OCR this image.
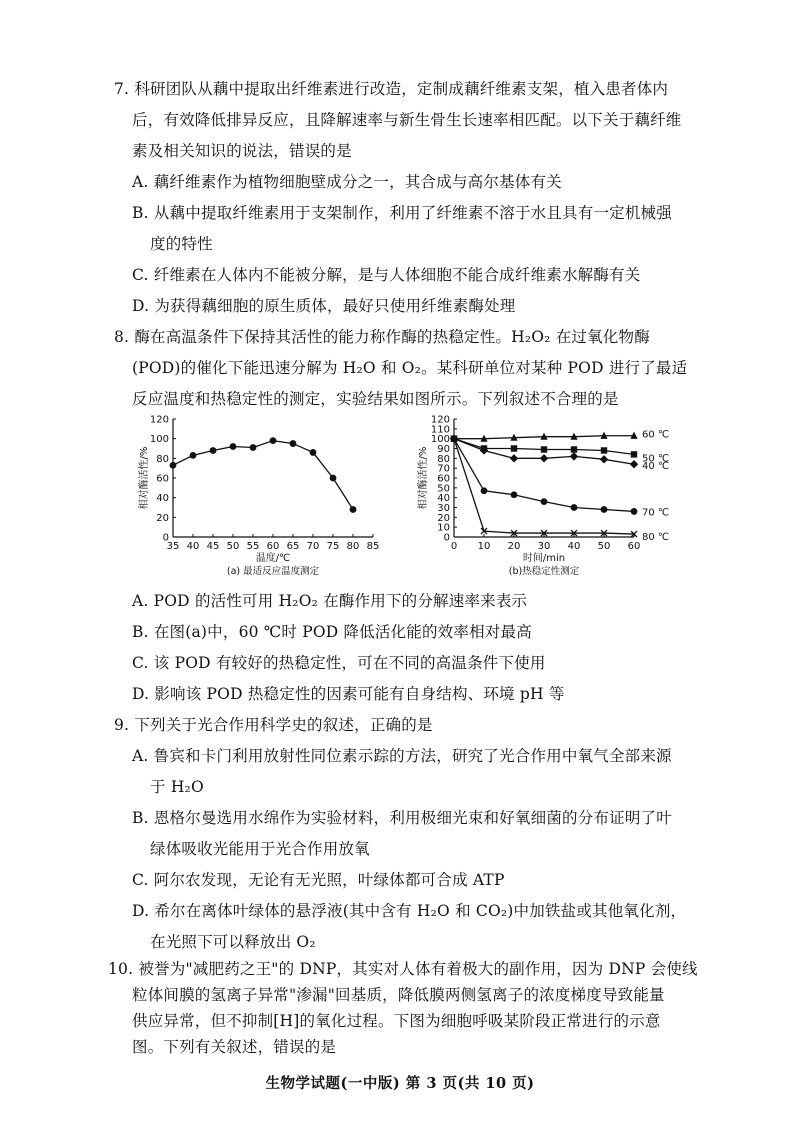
7. 科研团队从藕中提取出纤维素进行改造，定制成藕纤维素支架，植入患者体内
后，有效降低排异反应，且降解速率与新生骨生长速率相匹配。以下关于藕纤维
素及相关知识的说法，错误的是
A. 藕纤维素作为植物细胞壁成分之一，其合成与高尔基体有关
B. 从藕中提取纤维素用于支架制作，利用了纤维素不溶于水且具有一定机械强
度的特性
C. 纤维素在人体内不能被分解，是与人体细胞不能合成纤维素水解酶有关
D. 为获得藕细胞的原生质体，最好只使用纤维素酶处理
8. 酶在高温条件下保持其活性的能力称作酶的热稳定性。H₂O₂ 在过氧化物酶
(POD)的催化下能迅速分解为 H₂O 和 O₂。某科研单位对某种 POD 进行了最适
反应温度和热稳定性的测定，实验结果如图所示。下列叙述不合理的是
35 40 45 50 55 60 65 70 75 80 85
0
20
40
60
80
100
120
温度/℃
相对酶活性/%
(a) 最适反应温度测定
0 10 20 30 40 50 60
0
10
20
30
40
50
60
70
80
90
100
110
120
时间/min
相对酶活性/%
(b)热稳定性测定
60 ℃
50 ℃
40 ℃
70 ℃
80 ℃
A. POD 的活性可用 H₂O₂ 在酶作用下的分解速率来表示
B. 在图(a)中，60 ℃时 POD 降低活化能的效率相对最高
C. 该 POD 有较好的热稳定性，可在不同的高温条件下使用
D. 影响该 POD 热稳定性的因素可能有自身结构、环境 pH 等
9. 下列关于光合作用科学史的叙述，正确的是
A. 鲁宾和卡门利用放射性同位素示踪的方法，研究了光合作用中氧气全部来源
于 H₂O
B. 恩格尔曼选用水绵作为实验材料，利用极细光束和好氧细菌的分布证明了叶
绿体吸收光能用于光合作用放氧
C. 阿尔农发现，无论有无光照，叶绿体都可合成 ATP
D. 希尔在离体叶绿体的悬浮液(其中含有 H₂O 和 CO₂)中加铁盐或其他氧化剂，
在光照下可以释放出 O₂
10. 被誉为"减肥药之王"的 DNP，其实对人体有着极大的副作用，因为 DNP 会使线
粒体间膜的氢离子异常"渗漏"回基质，降低膜两侧氢离子的浓度梯度导致能量
供应异常，但不抑制[H]的氧化过程。下图为细胞呼吸某阶段正常进行的示意
生物学试题(一中版) 第 3 页(共 10 页)
图。下列有关叙述，错误的是
